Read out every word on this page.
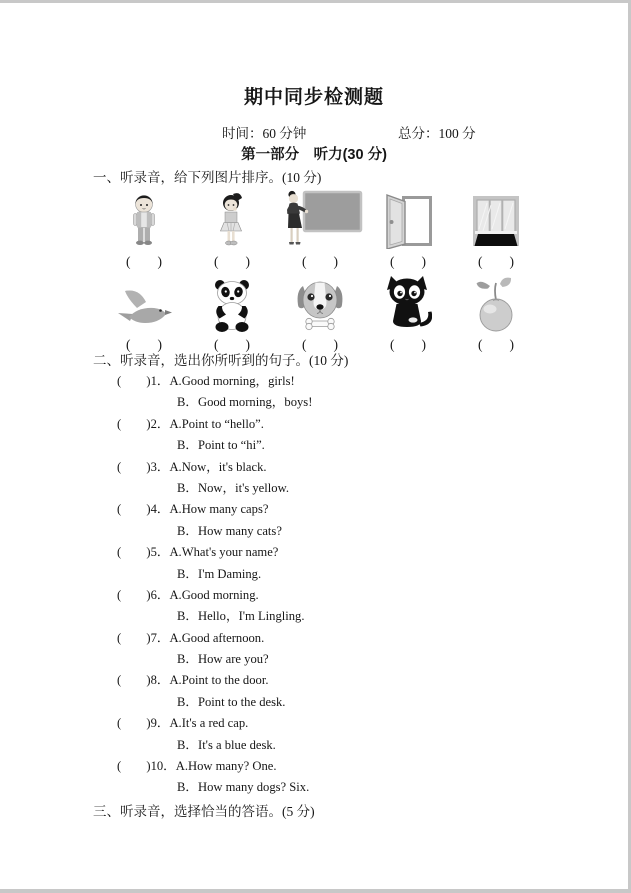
期中同步检测题
时间：60 分钟	总分：100 分
第一部分　听力(30 分)
一、听录音，给下列图片排序。(10 分)
(　　)	(　　)	(　　)	(　　)	(　　)
(　　)	(　　)	(　　)	(　　)	(　　)
二、听录音，选出你所听到的句子。(10 分)
(　　)1．A.Good morning，girls!
B．Good morning，boys!
(　　)2．A.Point to “hello”.
B．Point to “hi”.
(　　)3．A.Now，it's black.
B．Now，it's yellow.
(　　)4．A.How many caps?
B．How many cats?
(　　)5．A.What's your name?
B．I'm Daming.
(　　)6．A.Good morning.
B．Hello，I'm Lingling.
(　　)7．A.Good afternoon.
B．How are you?
(　　)8．A.Point to the door.
B．Point to the desk.
(　　)9．A.It's a red cap.
B．It's a blue desk.
(　　)10．A.How many? One.
B．How many dogs? Six.
三、听录音，选择恰当的答语。(5 分)
